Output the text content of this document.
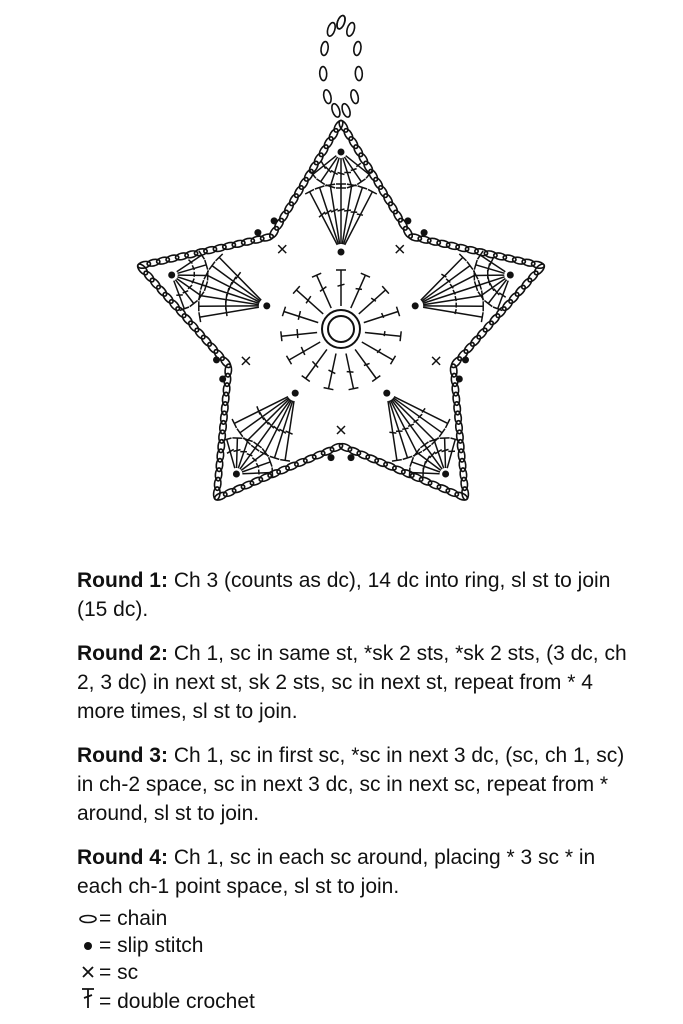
Round 1: Ch 3 (counts as dc), 14 dc into ring, sl st to join (15 dc).
Round 2: Ch 1, sc in same st, *sk 2 sts, *sk 2 sts, (3 dc, ch 2, 3 dc) in next st, sk 2 sts, sc in next st, repeat from * 4 more times, sl st to join.
Round 3: Ch 1, sc in first sc, *sc in next 3 dc, (sc, ch 1, sc) in ch-2 space, sc in next 3 dc, sc in next sc, repeat from * around, sl st to join.
Round 4: Ch 1, sc in each sc around, placing * 3 sc * in each ch-1 point space, sl st to join.
= chain
= slip stitch
= sc
= double crochet
